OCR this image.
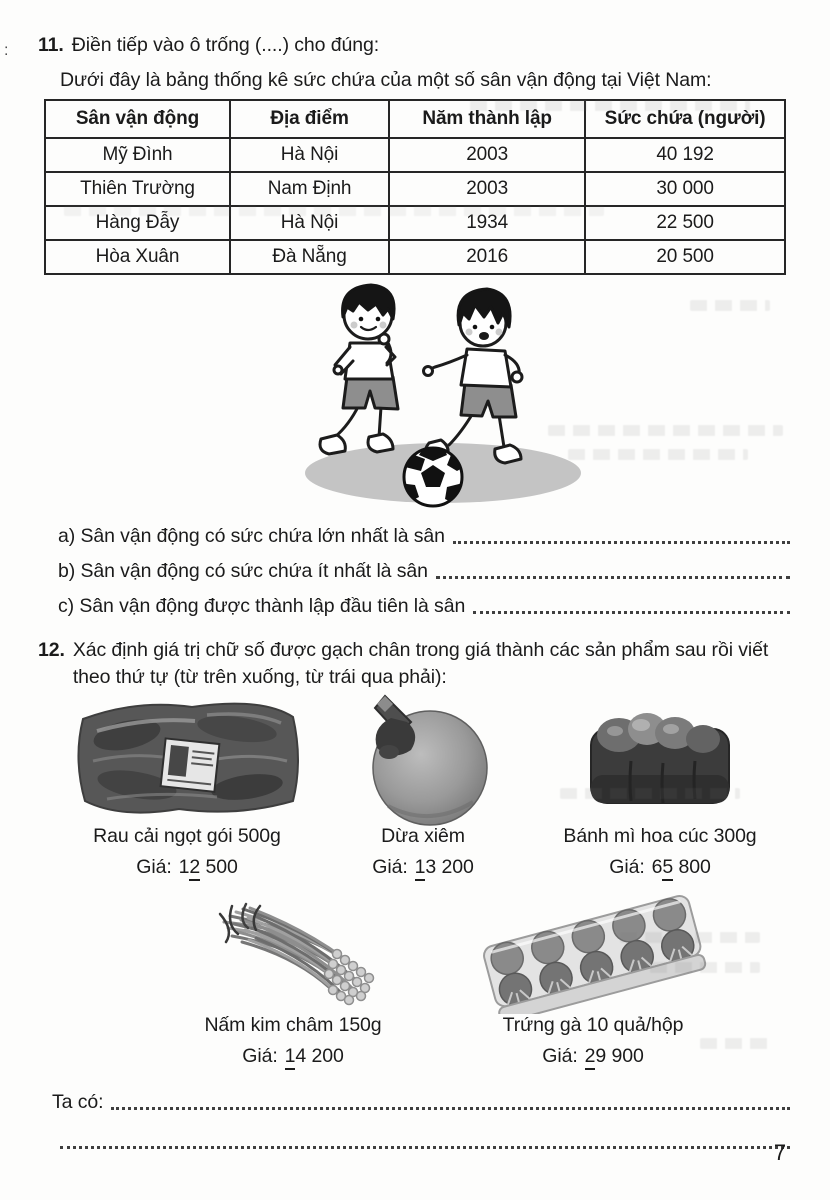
: 11. Điền tiếp vào ô trống (....) cho đúng:
Dưới đây là bảng thống kê sức chứa của một số sân vận động tại Việt Nam:
Sân vận động	Địa điểm	Năm thành lập	Sức chứa (người)
Mỹ Đình	Hà Nội	2003	40 192
Thiên Trường	Nam Định	2003	30 000
Hàng Đẫy	Hà Nội	1934	22 500
Hòa Xuân	Đà Nẵng	2016	20 500
a) Sân vận động có sức chứa lớn nhất là sân
b) Sân vận động có sức chứa ít nhất là sân
c) Sân vận động được thành lập đầu tiên là sân
12. Xác định giá trị chữ số được gạch chân trong giá thành các sản phẩm sau rồi viết theo thứ tự (từ trên xuống, từ trái qua phải):
Rau cải ngọt gói 500g
Giá: 12 500
Dừa xiêm
Giá: 13 200
Bánh mì hoa cúc 300g
Giá: 65 800
Nấm kim châm 150g
Giá: 14 200
Trứng gà 10 quả/hộp
Giá: 29 900
Ta có:
7
